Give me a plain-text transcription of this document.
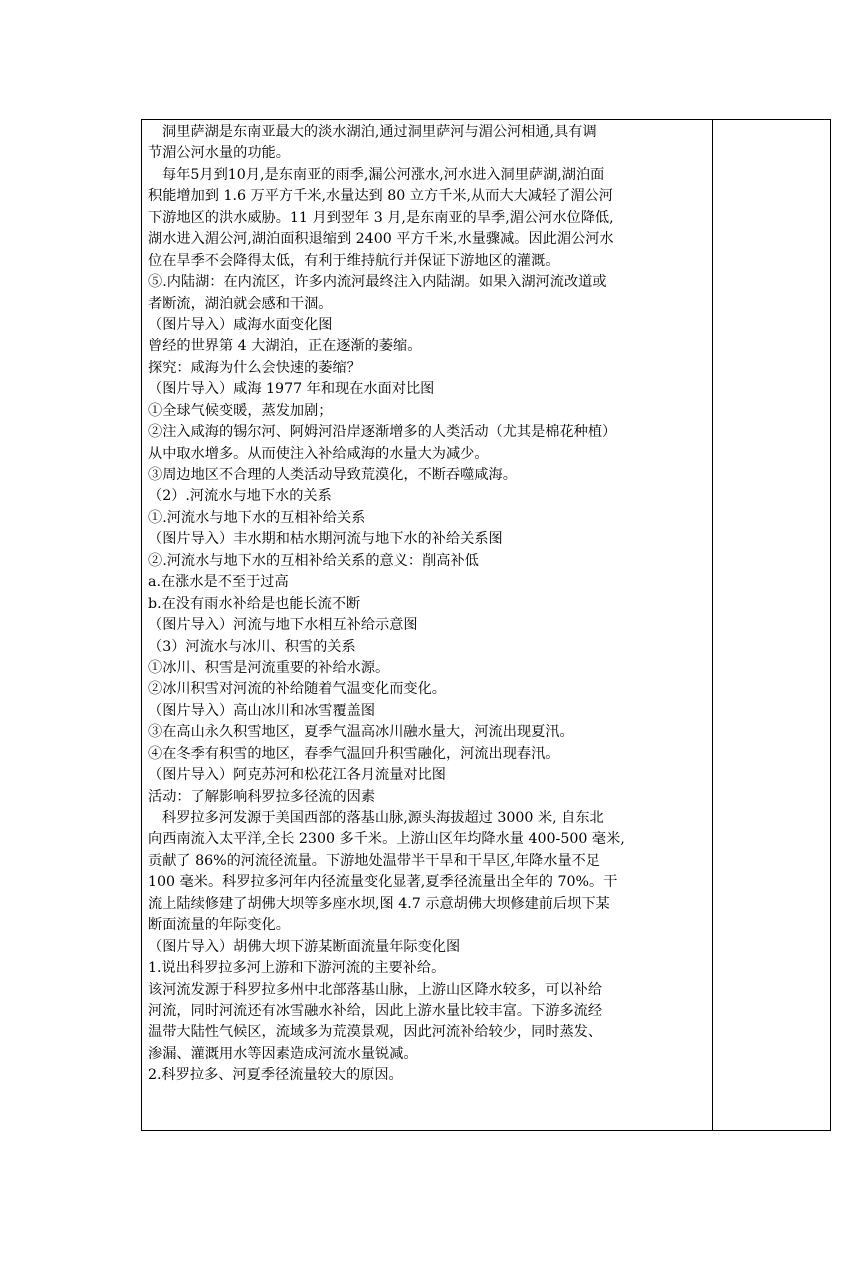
洞里萨湖是东南亚最大的淡水湖泊,通过洞里萨河与湄公河相通,具有调
节湄公河水量的功能。
每年5月到10月,是东南亚的雨季,漏公河涨水,河水进入洞里萨湖,湖泊面
积能增加到 1.6 万平方千米,水量达到 80 立方千米,从而大大减轻了湄公河
下游地区的洪水威胁。11 月到翌年 3 月,是东南亚的旱季,湄公河水位降低,
湖水进入湄公河,湖泊面积退缩到 2400 平方千米,水量骤减。因此湄公河水
位在旱季不会降得太低，有利于维持航行并保证下游地区的灌溉。
⑤.内陆湖：在内流区，许多内流河最终注入内陆湖。如果入湖河流改道或
者断流，湖泊就会感和干涸。
（图片导入）咸海水面变化图
曾经的世界第 4 大湖泊，正在逐渐的萎缩。
探究：咸海为什么会快速的萎缩？
（图片导入）咸海 1977 年和现在水面对比图
①全球气候变暖，蒸发加剧；
②注入咸海的锡尔河、阿姆河沿岸逐渐增多的人类活动（尤其是棉花种植）
从中取水增多。从而使注入补给咸海的水量大为减少。
③周边地区不合理的人类活动导致荒漠化，不断吞噬咸海。
（2）.河流水与地下水的关系
①.河流水与地下水的互相补给关系
（图片导入）丰水期和枯水期河流与地下水的补给关系图
②.河流水与地下水的互相补给关系的意义：削高补低
a.在涨水是不至于过高
b.在没有雨水补给是也能长流不断
（图片导入）河流与地下水相互补给示意图
（3）河流水与冰川、积雪的关系
①冰川、积雪是河流重要的补给水源。
②冰川积雪对河流的补给随着气温变化而变化。
（图片导入）高山冰川和冰雪覆盖图
③在高山永久积雪地区，夏季气温高冰川融水量大，河流出现夏汛。
④在冬季有积雪的地区，春季气温回升积雪融化，河流出现春汛。
（图片导入）阿克苏河和松花江各月流量对比图
活动：了解影响科罗拉多径流的因素
科罗拉多河发源于美国西部的落基山脉,源头海拔超过 3000 米, 自东北
向西南流入太平洋,全长 2300 多千米。上游山区年均降水量 400-500 毫米,
贡献了 86%的河流径流量。下游地处温带半干旱和干旱区,年降水量不足
100 毫米。科罗拉多河年内径流量变化显著,夏季径流量出全年的 70%。干
流上陆续修建了胡佛大坝等多座水坝,图 4.7 示意胡佛大坝修建前后坝下某
断面流量的年际变化。
（图片导入）胡佛大坝下游某断面流量年际变化图
1.说出科罗拉多河上游和下游河流的主要补给。
该河流发源于科罗拉多州中北部落基山脉，上游山区降水较多，可以补给
河流，同时河流还有冰雪融水补给，因此上游水量比较丰富。下游多流经
温带大陆性气候区，流域多为荒漠景观，因此河流补给较少，同时蒸发、
渗漏、灌溉用水等因素造成河流水量锐减。
2.科罗拉多、河夏季径流量较大的原因。
